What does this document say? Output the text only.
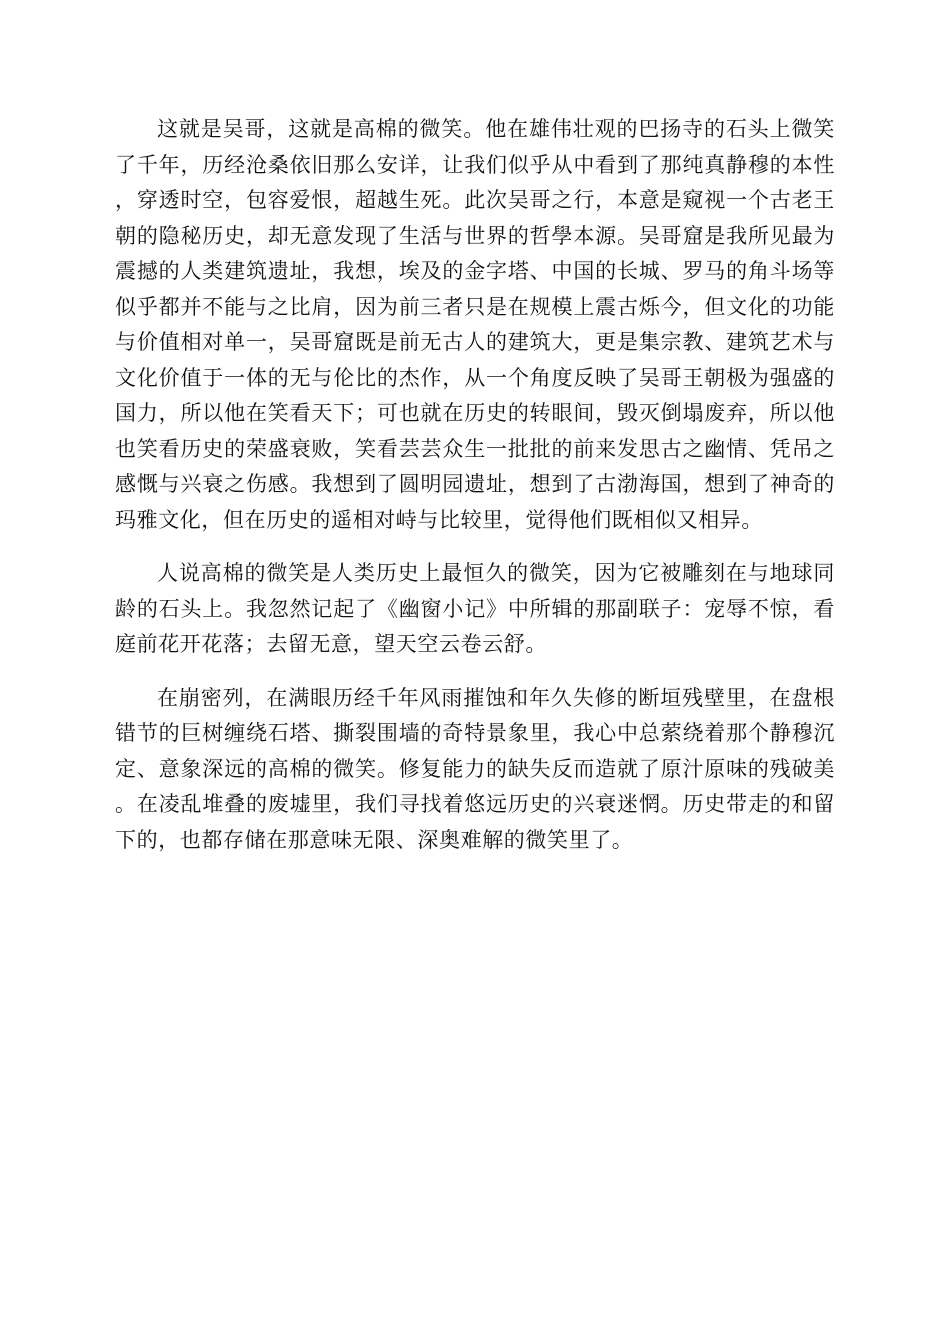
这就是吴哥，这就是高棉的微笑。他在雄伟壮观的巴扬寺的石头上微笑了千年，历经沧桑依旧那么安详，让我们似乎从中看到了那纯真静穆的本性，穿透时空，包容爱恨，超越生死。此次吴哥之行，本意是窥视一个古老王朝的隐秘历史，却无意发现了生活与世界的哲學本源。吴哥窟是我所见最为震撼的人类建筑遗址，我想，埃及的金字塔、中国的长城、罗马的角斗场等似乎都并不能与之比肩，因为前三者只是在规模上震古烁今，但文化的功能与价值相对单一，吴哥窟既是前无古人的建筑大，更是集宗教、建筑艺术与文化价值于一体的无与伦比的杰作，从一个角度反映了吴哥王朝极为强盛的国力，所以他在笑看天下；可也就在历史的转眼间，毁灭倒塌废弃，所以他也笑看历史的荣盛衰败，笑看芸芸众生一批批的前来发思古之幽情、凭吊之感慨与兴衰之伤感。我想到了圆明园遗址，想到了古渤海国，想到了神奇的玛雅文化，但在历史的遥相对峙与比较里，觉得他们既相似又相异。

人说高棉的微笑是人类历史上最恒久的微笑，因为它被雕刻在与地球同龄的石头上。我忽然记起了《幽窗小记》中所辑的那副联子：宠辱不惊，看庭前花开花落；去留无意，望天空云卷云舒。

在崩密列，在满眼历经千年风雨摧蚀和年久失修的断垣残壁里，在盘根错节的巨树缠绕石塔、撕裂围墙的奇特景象里，我心中总萦绕着那个静穆沉定、意象深远的高棉的微笑。修复能力的缺失反而造就了原汁原味的残破美。在凌乱堆叠的废墟里，我们寻找着悠远历史的兴衰迷惘。历史带走的和留下的，也都存储在那意味无限、深奥难解的微笑里了。
